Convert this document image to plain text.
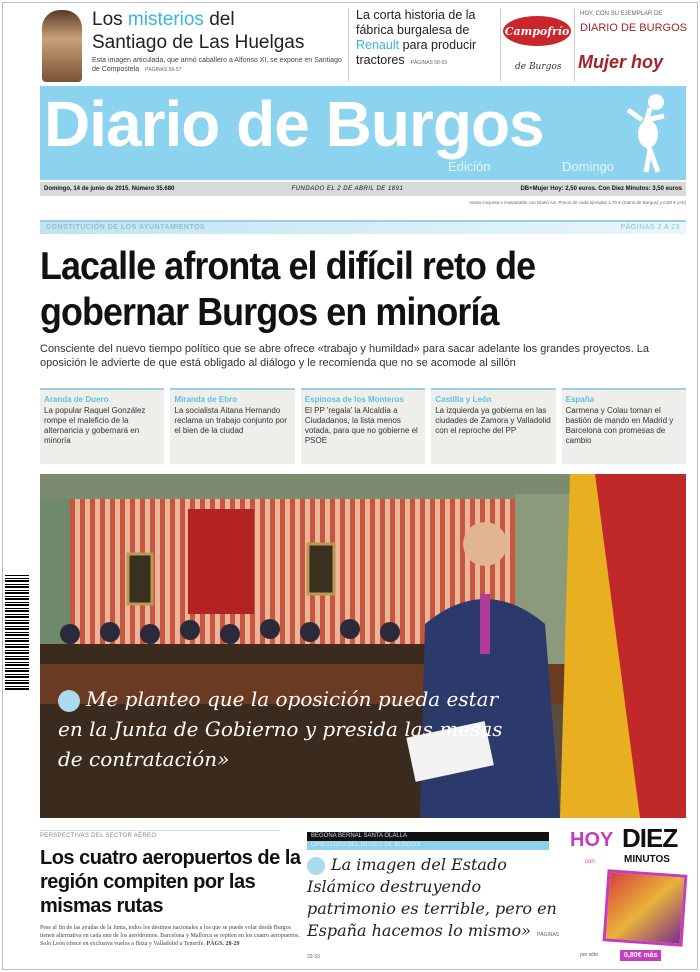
Los misterios del
Santiago de Las Huelgas
Esta imagen articulada, que armó caballero a Alfonso XI, se expone en Santiago de Compostela PÁGINAS 56-57
La corta historia de la fábrica burgalesa de Renault para producir tractores PÁGINAS 58-59
Campofrío
de Burgos
HOY, CON SU EJEMPLAR DE
DIARIO DE BURGOS
Mujer hoy
Diario de Burgos
Edición	Domingo
Domingo, 14 de junio de 2015. Número 35.680	FUNDADO EL 2 DE ABRIL DE 1891	DB+Mujer Hoy: 2,50 euros. Con Diez Minutos: 3,50 euros
Venta conjunta e inseparable con Diario AS. Precio de cada ejemplar 1,70 € (Diario de Burgos) y 0,80 € (AS)
CONSTITUCIÓN DE LOS AYUNTAMIENTOS	PÁGINAS 2 A 23
Lacalle afronta el difícil reto de gobernar Burgos en minoría

Consciente del nuevo tiempo político que se abre ofrece «trabajo y humildad» para sacar adelante los grandes proyectos. La oposición le advierte de que está obligado al diálogo y le recomienda que no se acomode al sillón

Aranda de Duero
La popular Raquel González rompe el maleficio de la alternancia y gobernará en minoría
Miranda de Ebro
La socialista Aitana Hernando reclama un trabajo conjunto por el bien de la ciudad
Espinosa de los Monteros
El PP 'regala' la Alcaldía a Ciudadanos, la lista menos votada, para que no gobierne el PSOE
Castilla y León
La izquierda ya gobierna en las ciudades de Zamora y Valladolid con el reproche del PP
España
Carmena y Colau toman el bastión de mando en Madrid y Barcelona con promesas de cambio
Me planteo que la oposición pueda estar en la Junta de Gobierno y presida las mesas de contratación»
PERSPECTIVAS DEL SECTOR AÉREO
Los cuatro aeropuertos de la región compiten por las mismas rutas

Pese al fin de las ayudas de la Junta, todos los destinos nacionales a los que se puede volar desde Burgos tienen alternativa en cada uno de los aeródromos. Barcelona y Mallorca se repiten en los cuatro aeropuertos. Solo León ofrece en exclusiva vuelos a Ibiza y Valladolid a Tenerife. PÁGS. 28-29

BEGOÑA BERNAL SANTA OLALLA
DIRECTORA DEL MUSEO DE BURGOS
La imagen del Estado Islámico destruyendo patrimonio es terrible, pero en España hacemos lo mismo» PÁGINAS 32-33
HOY DIEZ
MINUTOS
con
por sólo	0,80€ más
